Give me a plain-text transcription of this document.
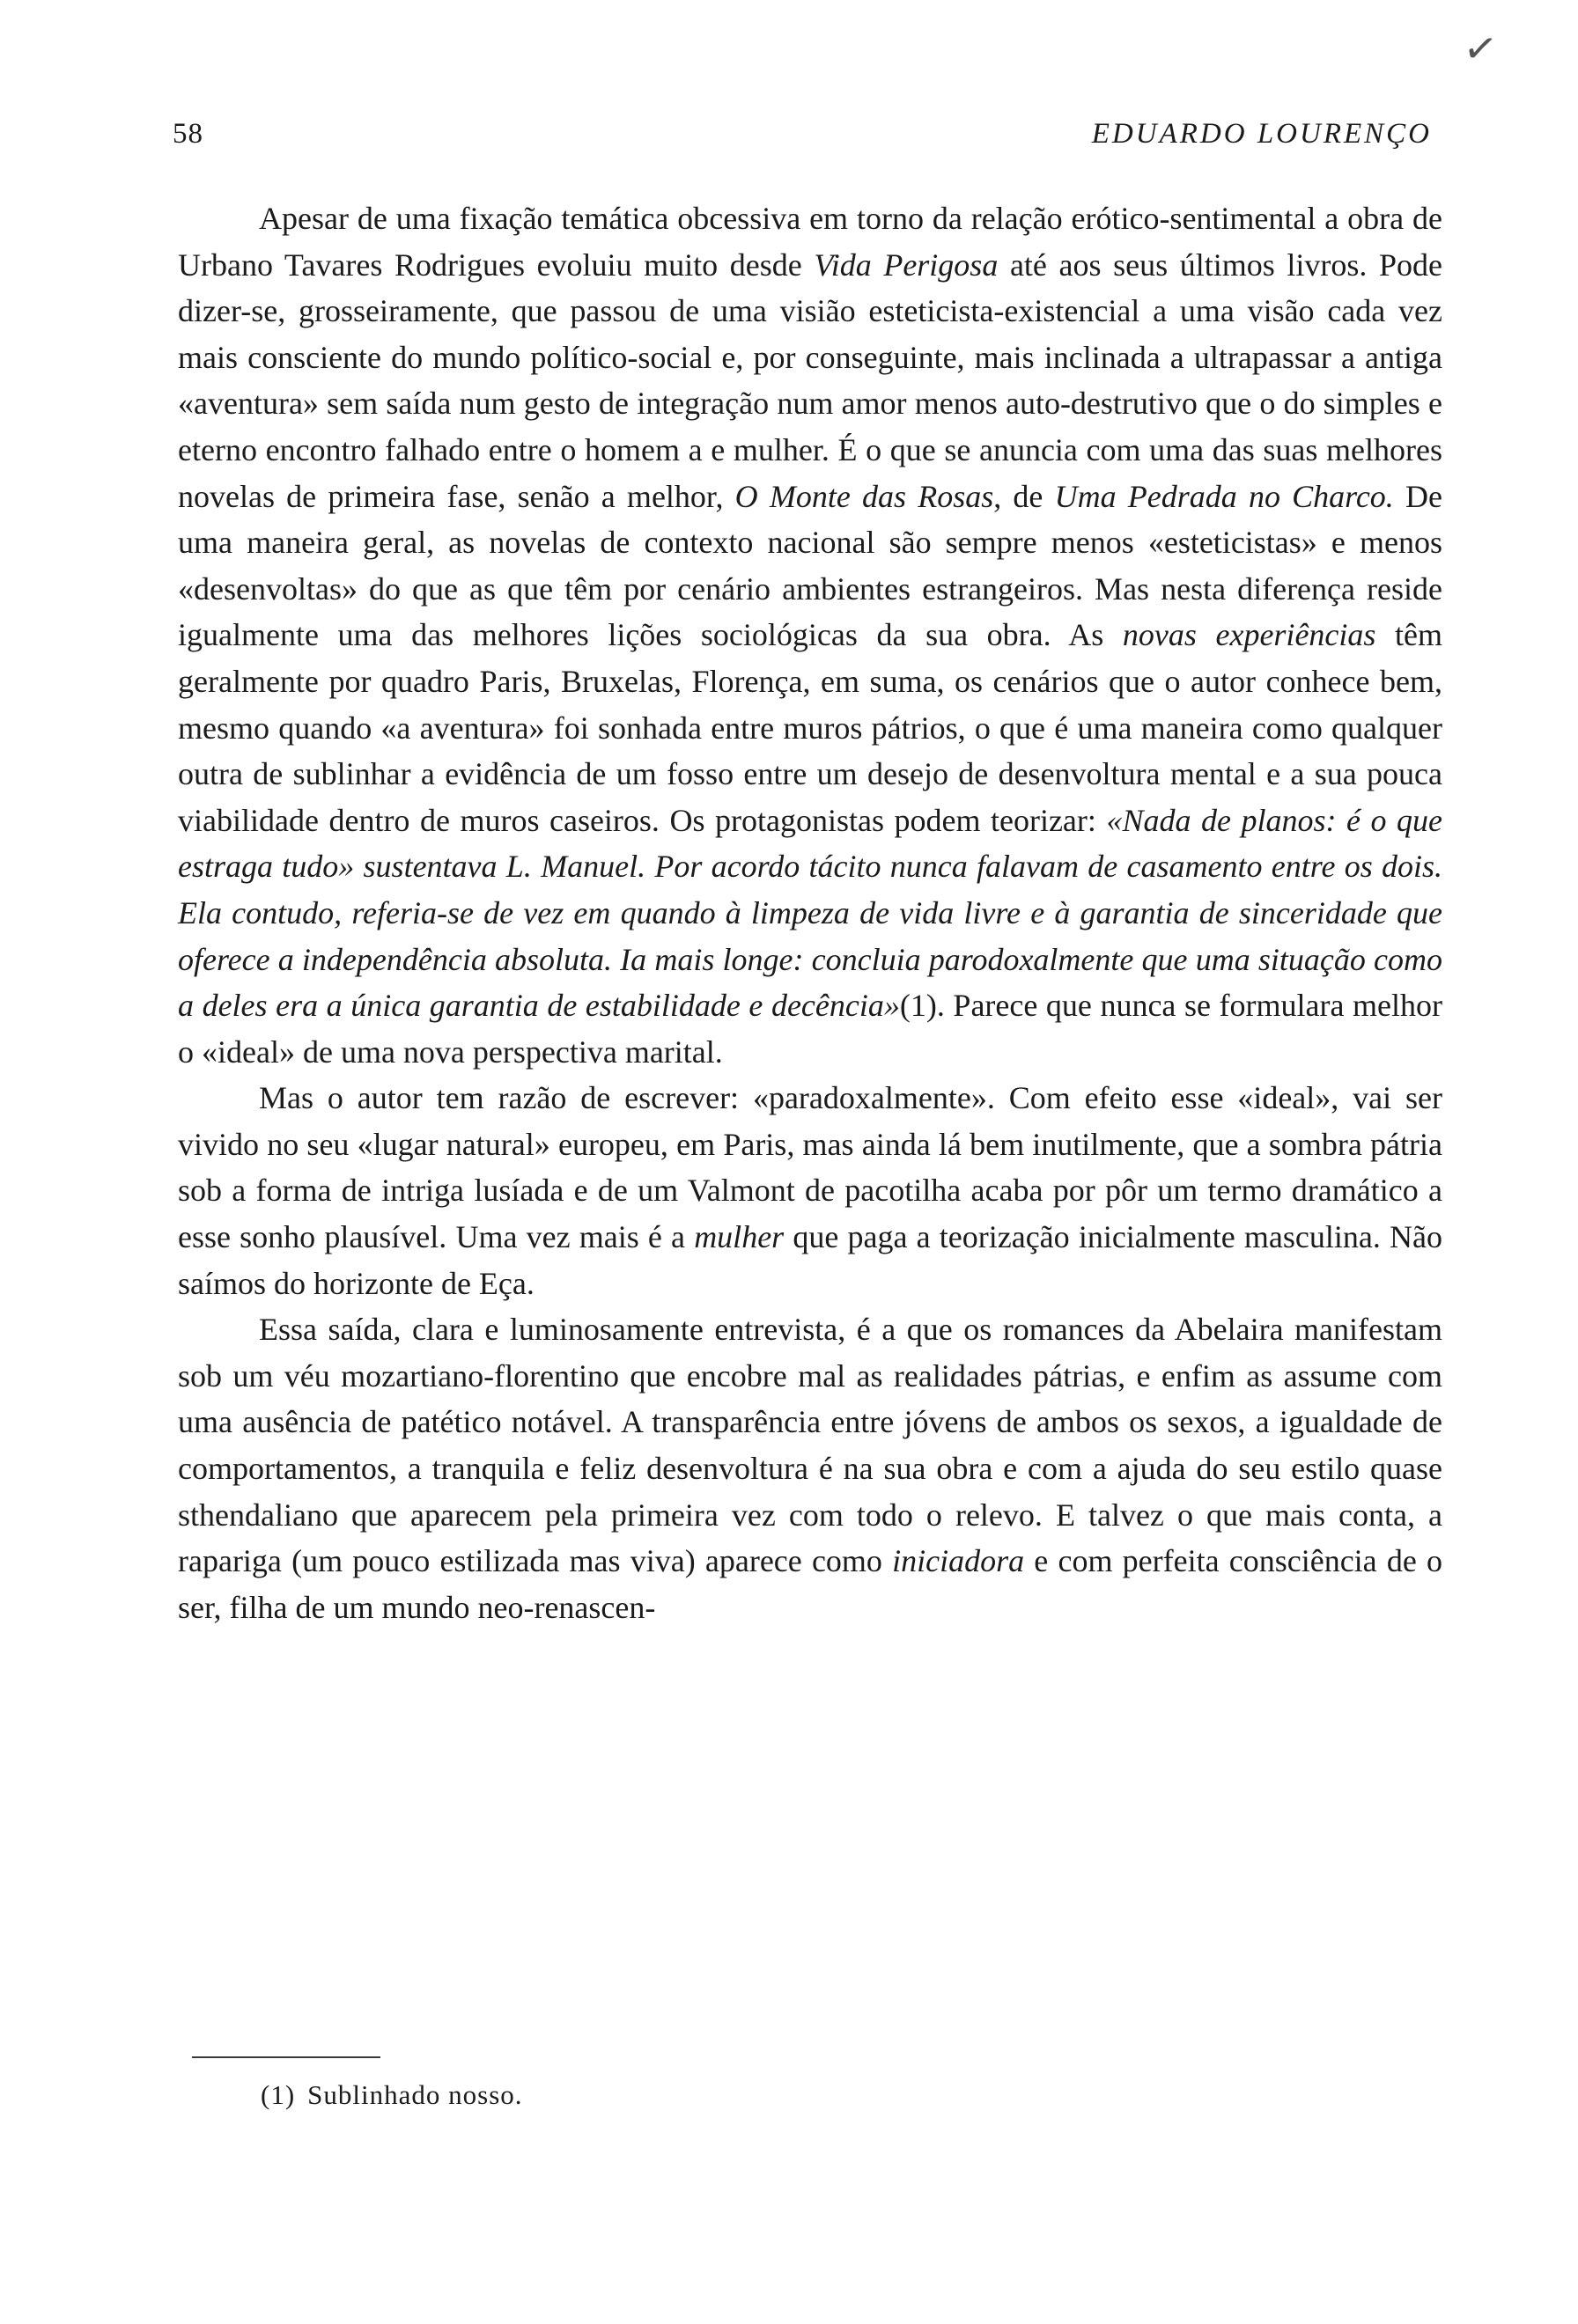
✓
58	EDUARDO LOURENÇO

Apesar de uma fixação temática obcessiva em torno da relação erótico-sentimental a obra de Urbano Tavares Rodrigues evoluiu muito desde Vida Perigosa até aos seus últimos livros. Pode dizer-se, grosseiramente, que passou de uma visião esteticista-existencial a uma visão cada vez mais consciente do mundo político-social e, por conseguinte, mais inclinada a ultrapassar a antiga «aventura» sem saída num gesto de integração num amor menos auto-destrutivo que o do simples e eterno encontro falhado entre o homem a e mulher. É o que se anuncia com uma das suas melhores novelas de primeira fase, senão a melhor, O Monte das Rosas, de Uma Pedrada no Charco. De uma maneira geral, as novelas de contexto nacional são sempre menos «esteticistas» e menos «desenvoltas» do que as que têm por cenário ambientes estrangeiros. Mas nesta diferença reside igualmente uma das melhores lições sociológicas da sua obra. As novas experiências têm geralmente por quadro Paris, Bruxelas, Florença, em suma, os cenários que o autor conhece bem, mesmo quando «a aventura» foi sonhada entre muros pátrios, o que é uma maneira como qualquer outra de sublinhar a evidência de um fosso entre um desejo de desenvoltura mental e a sua pouca viabilidade dentro de muros caseiros. Os protagonistas podem teorizar: «Nada de planos: é o que estraga tudo» sustentava L. Manuel. Por acordo tácito nunca falavam de casamento entre os dois. Ela contudo, referia-se de vez em quando à limpeza de vida livre e à garantia de sinceridade que oferece a independência absoluta. Ia mais longe: concluia parodoxalmente que uma situação como a deles era a única garantia de estabilidade e decência»(1). Parece que nunca se formulara melhor o «ideal» de uma nova perspectiva marital.

Mas o autor tem razão de escrever: «paradoxalmente». Com efeito esse «ideal», vai ser vivido no seu «lugar natural» europeu, em Paris, mas ainda lá bem inutilmente, que a sombra pátria sob a forma de intriga lusíada e de um Valmont de pacotilha acaba por pôr um termo dramático a esse sonho plausível. Uma vez mais é a mulher que paga a teorização inicialmente masculina. Não saímos do horizonte de Eça.

Essa saída, clara e luminosamente entrevista, é a que os romances da Abelaira manifestam sob um véu mozartiano-florentino que encobre mal as realidades pátrias, e enfim as assume com uma ausência de patético notável. A transparência entre jóvens de ambos os sexos, a igualdade de comportamentos, a tranquila e feliz desenvoltura é na sua obra e com a ajuda do seu estilo quase sthendaliano que aparecem pela primeira vez com todo o relevo. E talvez o que mais conta, a rapariga (um pouco estilizada mas viva) aparece como iniciadora e com perfeita consciência de o ser, filha de um mundo neo-renascen-

(1) Sublinhado nosso.
